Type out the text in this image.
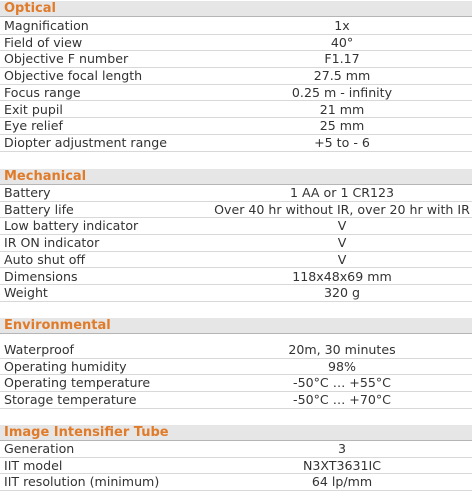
Optical
Magnification	1x
Field of view	40°
Objective F number	F1.17
Objective focal length	27.5 mm
Focus range	0.25 m - infinity
Exit pupil	21 mm
Eye relief	25 mm
Diopter adjustment range	+5 to - 6
Mechanical
Battery	1 AA or 1 CR123
Battery life	Over 40 hr without IR, over 20 hr with IR
Low battery indicator	V
IR ON indicator	V
Auto shut off	V
Dimensions	118x48x69 mm
Weight	320 g
Environmental
Waterproof	20m, 30 minutes
Operating humidity	98%
Operating temperature	-50°C … +55°C
Storage temperature	-50°C … +70°C
Image Intensifier Tube
Generation	3
IIT model	N3XT3631IC
IIT resolution (minimum)	64 lp/mm
